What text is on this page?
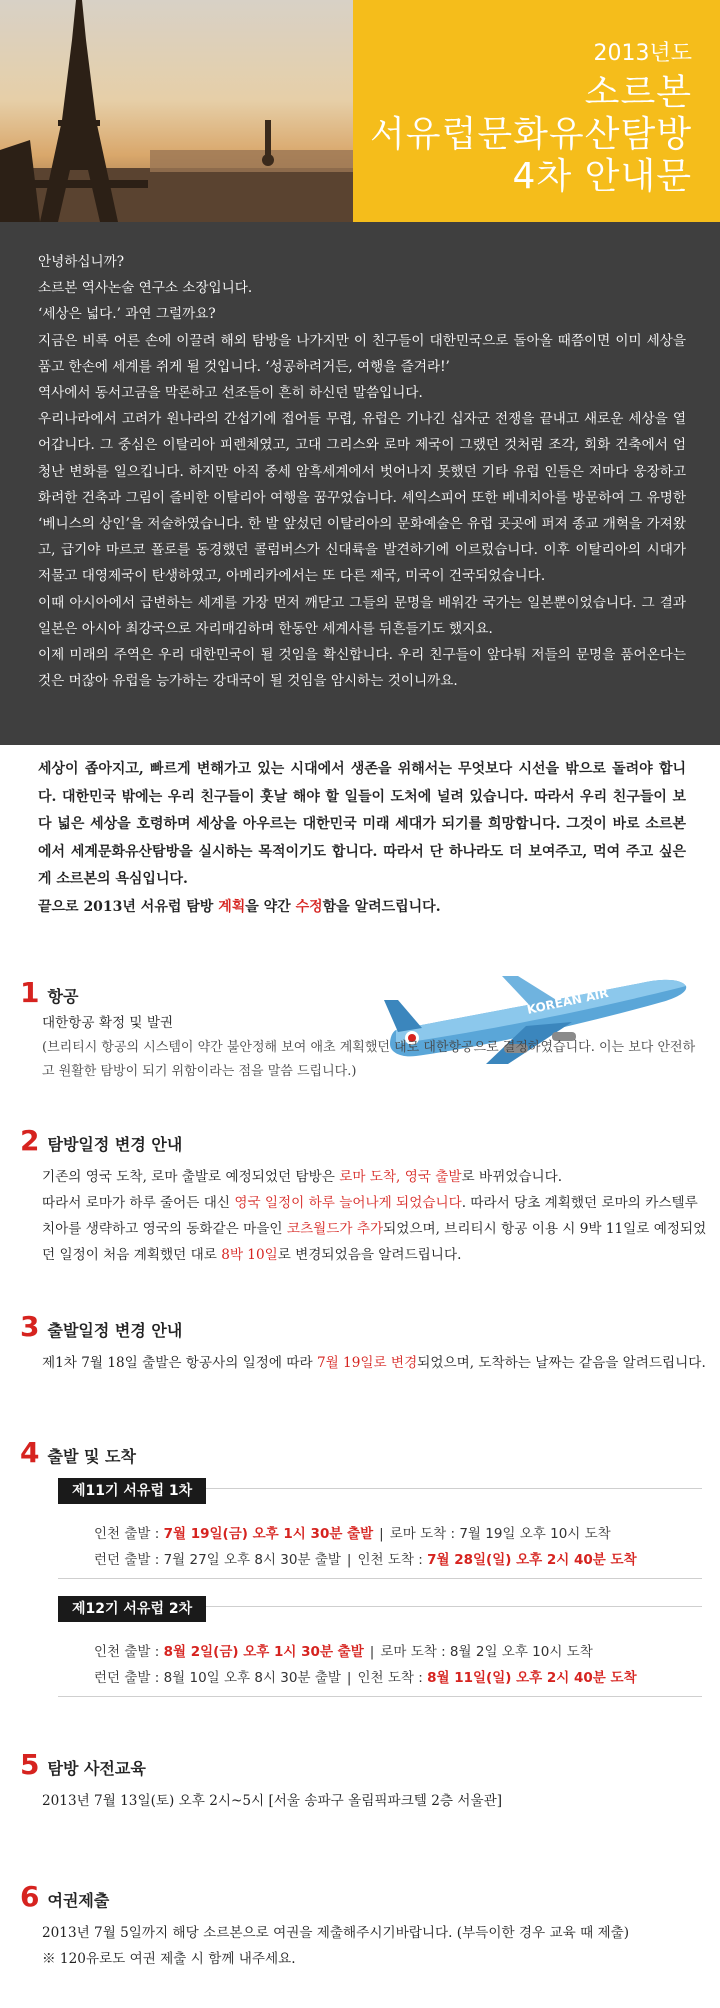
2013년도
소르본
서유럽문화유산탐방
4차 안내문

안녕하십니까?

소르본 역사논술 연구소 소장입니다.

‘세상은 넓다.’ 과연 그럴까요?

지금은 비록 어른 손에 이끌려 해외 탐방을 나가지만 이 친구들이 대한민국으로 돌아올 때쯤이면 이미 세상을 품고 한손에 세계를 쥐게 될 것입니다. ‘성공하려거든, 여행을 즐겨라!’

역사에서 동서고금을 막론하고 선조들이 흔히 하신던 말씀입니다.

우리나라에서 고려가 원나라의 간섭기에 접어들 무렵, 유럽은 기나긴 십자군 전쟁을 끝내고 새로운 세상을 열어갑니다. 그 중심은 이탈리아 피렌체였고, 고대 그리스와 로마 제국이 그랬던 것처럼 조각, 회화 건축에서 엄청난 변화를 일으킵니다. 하지만 아직 중세 암흑세계에서 벗어나지 못했던 기타 유럽 인들은 저마다 웅장하고 화려한 건축과 그림이 즐비한 이탈리아 여행을 꿈꾸었습니다. 셰익스피어 또한 베네치아를 방문하여 그 유명한 ‘베니스의 상인’을 저술하였습니다. 한 발 앞섰던 이탈리아의 문화예술은 유럽 곳곳에 퍼져 종교 개혁을 가져왔고, 급기야 마르코 폴로를 동경했던 콜럼버스가 신대륙을 발견하기에 이르렀습니다. 이후 이탈리아의 시대가 저물고 대영제국이 탄생하였고, 아메리카에서는 또 다른 제국, 미국이 건국되었습니다.

이때 아시아에서 급변하는 세계를 가장 먼저 깨닫고 그들의 문명을 배워간 국가는 일본뿐이었습니다. 그 결과 일본은 아시아 최강국으로 자리매김하며 한동안 세계사를 뒤흔들기도 했지요.

이제 미래의 주역은 우리 대한민국이 될 것임을 확신합니다. 우리 친구들이 앞다퉈 저들의 문명을 품어온다는 것은 머잖아 유럽을 능가하는 강대국이 될 것임을 암시하는 것이니까요.

세상이 좁아지고, 빠르게 변해가고 있는 시대에서 생존을 위해서는 무엇보다 시선을 밖으로 돌려야 합니다. 대한민국 밖에는 우리 친구들이 훗날 해야 할 일들이 도처에 널려 있습니다. 따라서 우리 친구들이 보다 넓은 세상을 호령하며 세상을 아우르는 대한민국 미래 세대가 되기를 희망합니다. 그것이 바로 소르본에서 세계문화유산탐방을 실시하는 목적이기도 합니다. 따라서 단 하나라도 더 보여주고, 먹여 주고 싶은 게 소르본의 욕심입니다.

끝으로 2013년 서유럽 탐방 계획을 약간 수정함을 알려드립니다.

1 항공	KOREAN AIR

대한항공 확정 및 발권

(브리티시 항공의 시스템이 약간 불안정해 보여 애초 계획했던 대로 대한항공으로 결정하였습니다. 이는 보다 안전하고 원활한 탐방이 되기 위함이라는 점을 말씀 드립니다.)

2 탐방일정 변경 안내

기존의 영국 도착, 로마 출발로 예정되었던 탐방은 로마 도착, 영국 출발로 바뀌었습니다.

따라서 로마가 하루 줄어든 대신 영국 일정이 하루 늘어나게 되었습니다. 따라서 당초 계획했던 로마의 카스텔루치아를 생략하고 영국의 동화같은 마을인 코츠월드가 추가되었으며, 브리티시 항공 이용 시 9박 11일로 예정되었던 일정이 처음 계획했던 대로 8박 10일로 변경되었음을 알려드립니다.

3 출발일정 변경 안내

제1차 7월 18일 출발은 항공사의 일정에 따라 7월 19일로 변경되었으며, 도착하는 날짜는 같음을 알려드립니다.

4 출발 및 도착
제11기 서유럽 1차
인천 출발 : 7월 19일(금) 오후 1시 30분 출발 | 로마 도착 : 7월 19일 오후 10시 도착
런던 출발 : 7월 27일 오후 8시 30분 출발 | 인천 도착 : 7월 28일(일) 오후 2시 40분 도착
제12기 서유럽 2차
인천 출발 : 8월 2일(금) 오후 1시 30분 출발 | 로마 도착 : 8월 2일 오후 10시 도착
런던 출발 : 8월 10일 오후 8시 30분 출발 | 인천 도착 : 8월 11일(일) 오후 2시 40분 도착
5 탐방 사전교육

2013년 7월 13일(토) 오후 2시~5시 [서울 송파구 올림픽파크텔 2층 서울관]

6 여권제출

2013년 7월 5일까지 해당 소르본으로 여권을 제출해주시기바랍니다. (부득이한 경우 교육 때 제출)

※ 120유로도 여권 제출 시 함께 내주세요.
